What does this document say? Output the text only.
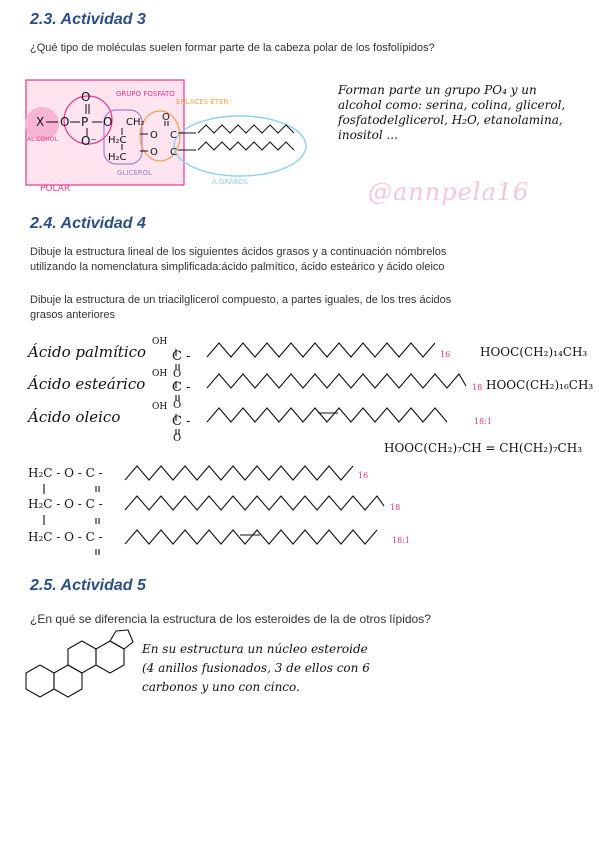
2.3. Actividad 3
¿Qué tipo de moléculas suelen formar parte de la cabeza polar de los fosfolípidos?
X O P
O
O⁻
O CH₂
H₂C
H₂C
O
O
C
C
O
GRUPO FOSFATO
ENLACES ÉTER
AL.COHOL
GLICEROL
A.GRASOS
POLAR	@annpela16
Forman parte un grupo PO₄ y un
alcohol como: serina, colina, glicerol,
fosfatodelglicerol, H₂O, etanolamina,
inositol ...
2.4. Actividad 4
Dibuje la estructura lineal de los siguientes ácidos grasos y a continuación nómbrelos
utilizando la nomenclatura simplificada:ácido palmítico, ácido esteárico y ácido oleico
Dibuje la estructura de un triacilglicerol compuesto, a partes iguales, de los tres ácidos
grasos anteriores
Ácido palmítico
Ácido esteárico
Ácido oleico
OH
OH
OH
C -
C -
C -
O
O
O
16
18
18:1
HOOC(CH₂)₁₄CH₃
HOOC(CH₂)₁₆CH₃
HOOC(CH₂)₇CH = CH(CH₂)₇CH₃
H₂C - O - C -
H₂C - O - C -
H₂C - O - C -
16
18
18:1
2.5. Actividad 5
¿En qué se diferencia la estructura de los esteroides de la de otros lípidos?
En su estructura un núcleo esteroide
(4 anillos fusionados, 3 de ellos con 6
carbonos y uno con cinco.
